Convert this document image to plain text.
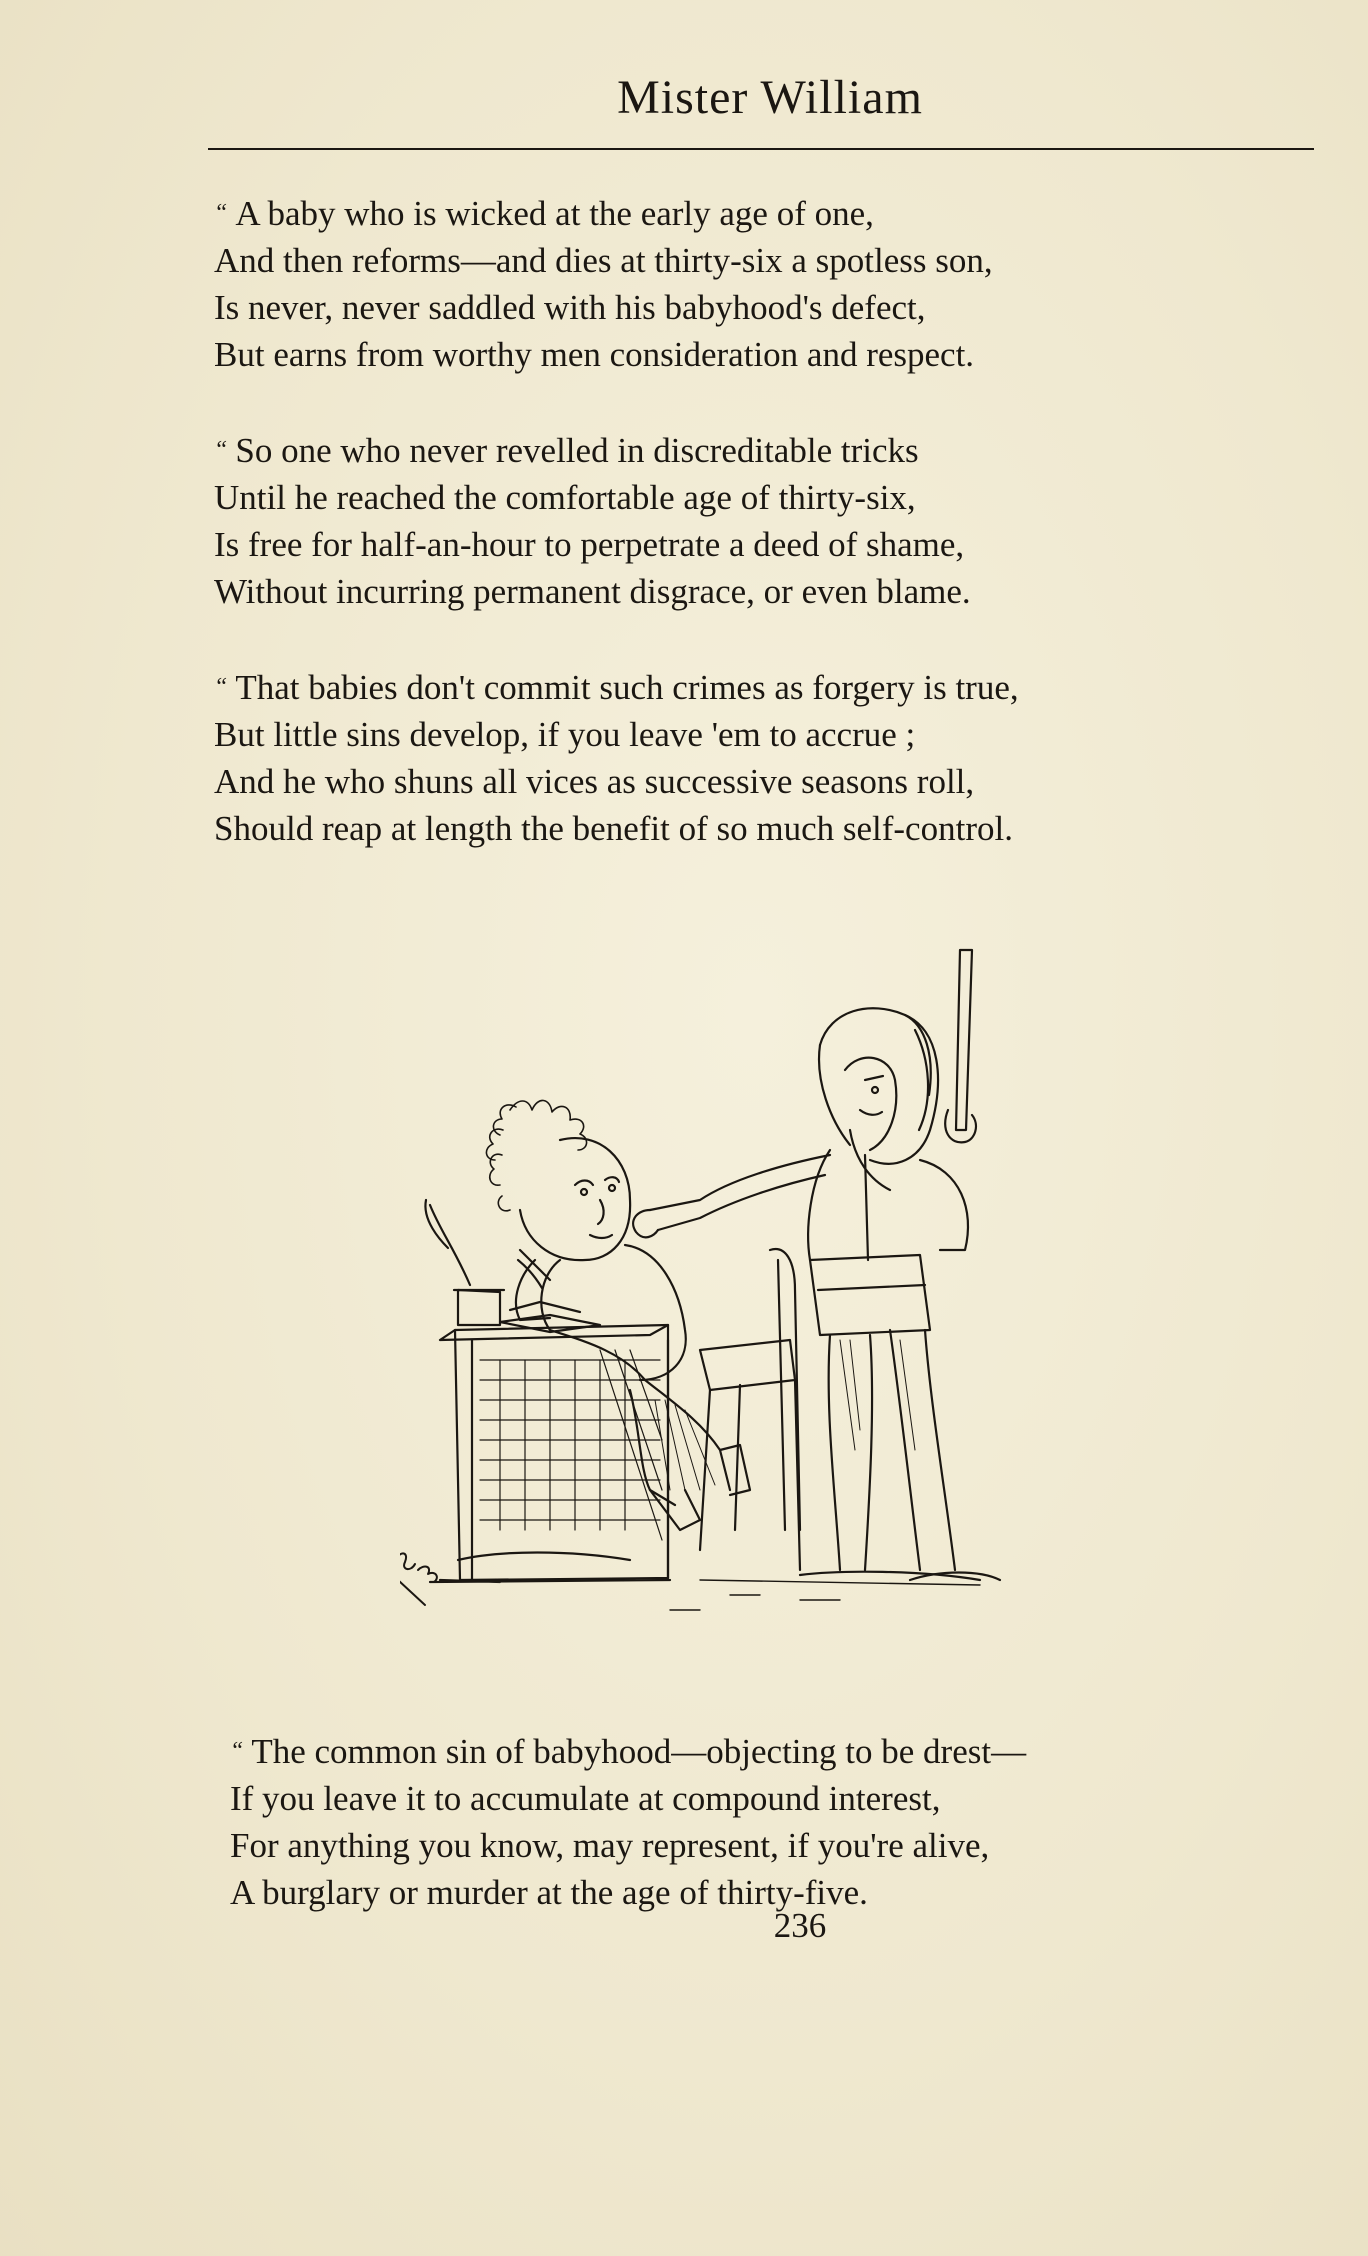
Mister William
“ A baby who is wicked at the early age of one,
And then reforms—and dies at thirty-six a spotless son,
Is never, never saddled with his babyhood's defect,
But earns from worthy men consideration and respect.
“ So one who never revelled in discreditable tricks
Until he reached the comfortable age of thirty-six,
Is free for half-an-hour to perpetrate a deed of shame,
Without incurring permanent disgrace, or even blame.
“ That babies don't commit such crimes as forgery is true,
But little sins develop, if you leave 'em to accrue ;
And he who shuns all vices as successive seasons roll,
Should reap at length the benefit of so much self-control.
“ The common sin of babyhood—objecting to be drest—
If you leave it to accumulate at compound interest,
For anything you know, may represent, if you're alive,
A burglary or murder at the age of thirty-five.
236
